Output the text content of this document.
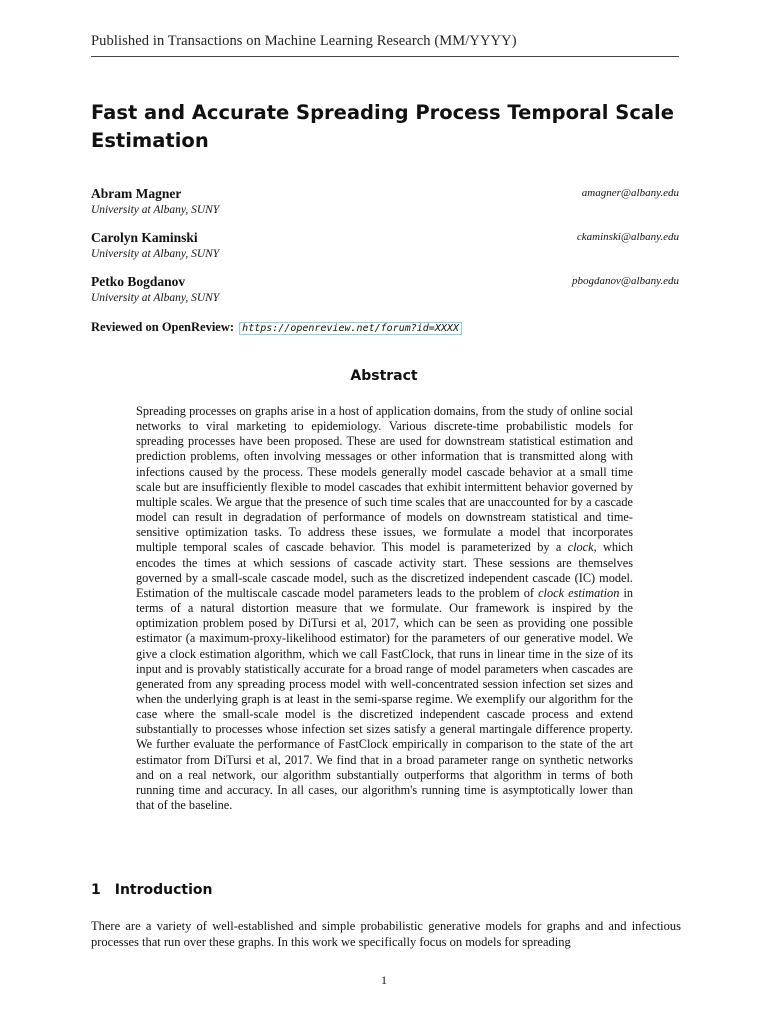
Published in Transactions on Machine Learning Research (MM/YYYY)
Fast and Accurate Spreading Process Temporal Scale Estimation
Abram Magner
University at Albany, SUNY
amagner@albany.edu
Carolyn Kaminski
University at Albany, SUNY
ckaminski@albany.edu
Petko Bogdanov
University at Albany, SUNY
pbogdanov@albany.edu
Reviewed on OpenReview: https://openreview.net/forum?id=XXXX
Abstract
Spreading processes on graphs arise in a host of application domains, from the study of online social networks to viral marketing to epidemiology. Various discrete-time probabilistic models for spreading processes have been proposed. These are used for downstream statistical estimation and prediction problems, often involving messages or other information that is transmitted along with infections caused by the process. These models generally model cascade behavior at a small time scale but are insufficiently flexible to model cascades that exhibit intermittent behavior governed by multiple scales. We argue that the presence of such time scales that are unaccounted for by a cascade model can result in degradation of performance of models on downstream statistical and time-sensitive optimization tasks. To address these issues, we formulate a model that incorporates multiple temporal scales of cascade behavior. This model is parameterized by a clock, which encodes the times at which sessions of cascade activity start. These sessions are themselves governed by a small-scale cascade model, such as the discretized independent cascade (IC) model. Estimation of the multiscale cascade model parameters leads to the problem of clock estimation in terms of a natural distortion measure that we formulate. Our framework is inspired by the optimization problem posed by DiTursi et al, 2017, which can be seen as providing one possible estimator (a maximum-proxy-likelihood estimator) for the parameters of our generative model. We give a clock estimation algorithm, which we call FastClock, that runs in linear time in the size of its input and is provably statistically accurate for a broad range of model parameters when cascades are generated from any spreading process model with well-concentrated session infection set sizes and when the underlying graph is at least in the semi-sparse regime. We exemplify our algorithm for the case where the small-scale model is the discretized independent cascade process and extend substantially to processes whose infection set sizes satisfy a general martingale difference property. We further evaluate the performance of FastClock empirically in comparison to the state of the art estimator from DiTursi et al, 2017. We find that in a broad parameter range on synthetic networks and on a real network, our algorithm substantially outperforms that algorithm in terms of both running time and accuracy. In all cases, our algorithm's running time is asymptotically lower than that of the baseline.
1 Introduction
There are a variety of well-established and simple probabilistic generative models for graphs and and infectious processes that run over these graphs. In this work we specifically focus on models for spreading
1
